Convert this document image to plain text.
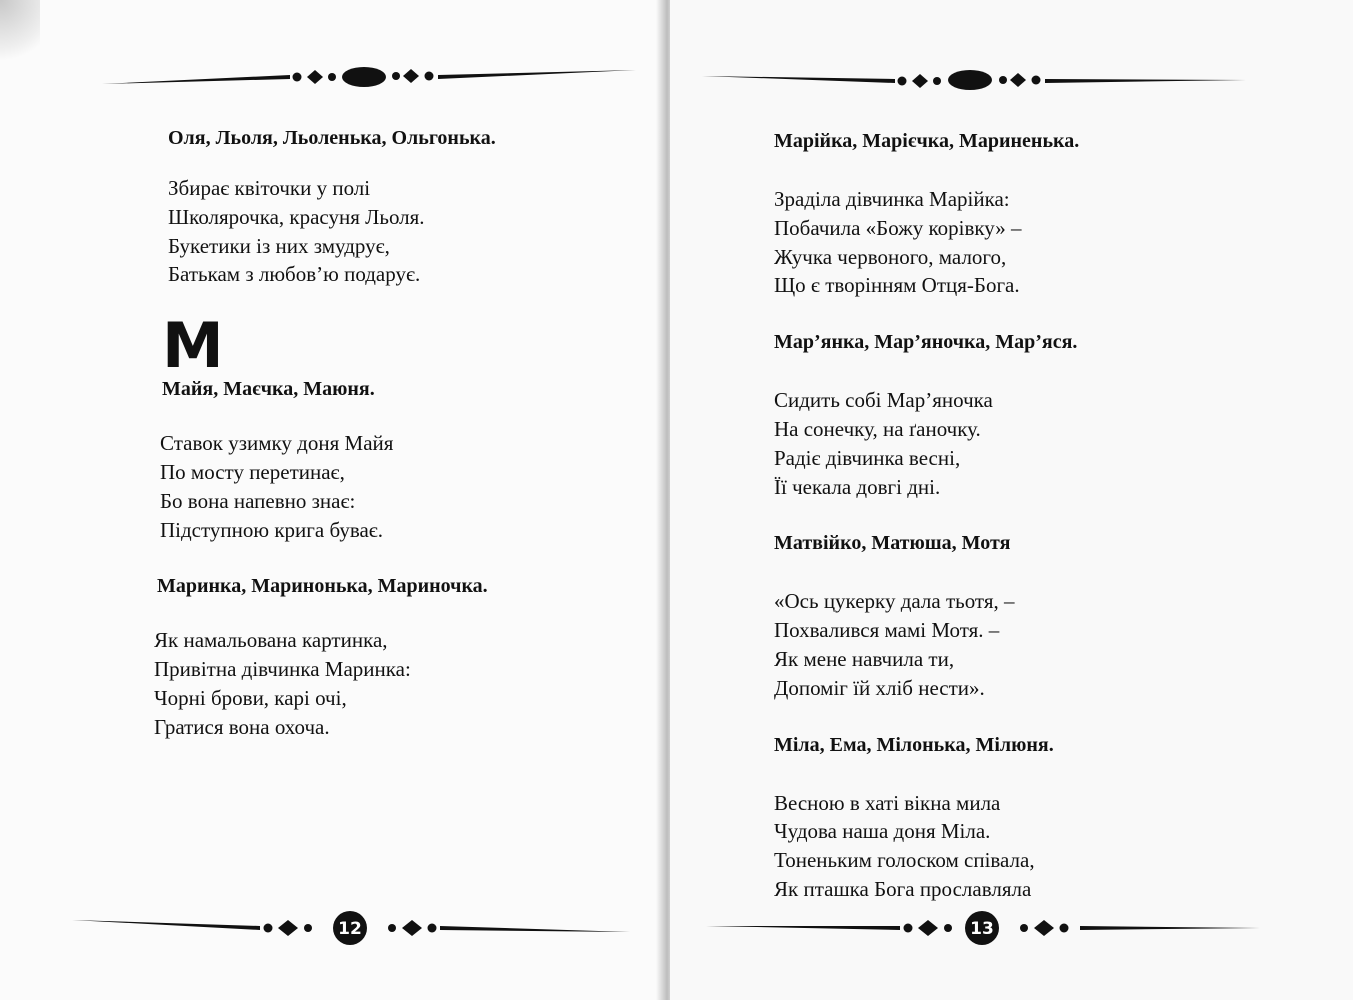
Оля, Льоля, Льоленька, Ольгонька.

Збирає квіточки у полі

Школярочка, красуня Льоля.

Букетики із них змудрує,

Батькам з любов’ю подарує.

М

Майя, Маєчка, Маюня.

Ставок узимку доня Майя

По мосту перетинає,

Бо вона напевно знає:

Підступною крига буває.

Маринка, Маринонька, Мариночка.

Як намальована картинка,

Привітна дівчинка Маринка:

Чорні брови, карі очі,

Гратися вона охоча.

12

Марійка, Марієчка, Мариненька.

Зраділа дівчинка Марійка:

Побачила «Божу корівку» –

Жучка червоного, малого,

Що є творінням Отця-Бога.

Мар’янка, Мар’яночка, Мар’яся.

Сидить собі Мар’яночка

На сонечку, на ґаночку.

Радіє дівчинка весні,

Її чекала довгі дні.

Матвійко, Матюша, Мотя

«Ось цукерку дала тьотя, –

Похвалився мамі Мотя. –

Як мене навчила ти,

Допоміг їй хліб нести».

Міла, Ема, Мілонька, Мілюня.

Весною в хаті вікна мила

Чудова наша доня Міла.

Тоненьким голоском співала,

Як пташка Бога прославляла

13
